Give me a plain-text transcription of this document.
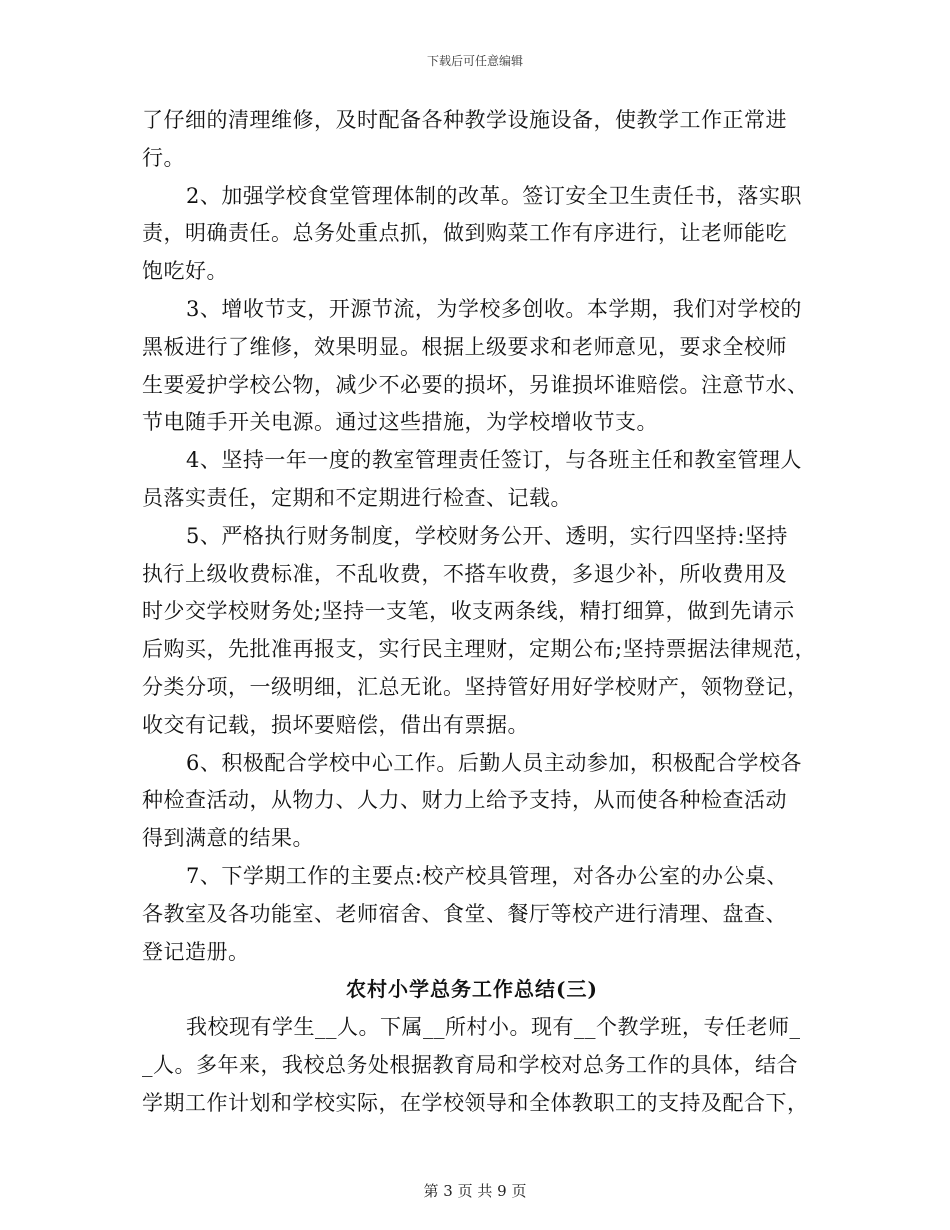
下载后可任意编辑
了仔细的清理维修，及时配备各种教学设施设备，使教学工作正常进
行。
2、加强学校食堂管理体制的改革。签订安全卫生责任书，落实职
责，明确责任。总务处重点抓，做到购菜工作有序进行，让老师能吃
饱吃好。
3、增收节支，开源节流，为学校多创收。本学期，我们对学校的
黑板进行了维修，效果明显。根据上级要求和老师意见，要求全校师
生要爱护学校公物，减少不必要的损坏，另谁损坏谁赔偿。注意节水、
节电随手开关电源。通过这些措施，为学校增收节支。
4、坚持一年一度的教室管理责任签订，与各班主任和教室管理人
员落实责任，定期和不定期进行检查、记载。
5、严格执行财务制度，学校财务公开、透明，实行四坚持:坚持
执行上级收费标准，不乱收费，不搭车收费，多退少补，所收费用及
时少交学校财务处;坚持一支笔，收支两条线，精打细算，做到先请示
后购买，先批准再报支，实行民主理财，定期公布;坚持票据法律规范，
分类分项，一级明细，汇总无讹。坚持管好用好学校财产，领物登记，
收交有记载，损坏要赔偿，借出有票据。
6、积极配合学校中心工作。后勤人员主动参加，积极配合学校各
种检查活动，从物力、人力、财力上给予支持，从而使各种检查活动
得到满意的结果。
7、下学期工作的主要点:校产校具管理，对各办公室的办公桌、
各教室及各功能室、老师宿舍、食堂、餐厅等校产进行清理、盘查、
登记造册。
农村小学总务工作总结(三)
我校现有学生__人。下属__所村小。现有__个教学班，专任老师_
_人。多年来，我校总务处根据教育局和学校对总务工作的具体，结合
学期工作计划和学校实际，在学校领导和全体教职工的支持及配合下，
第 3 页 共 9 页
